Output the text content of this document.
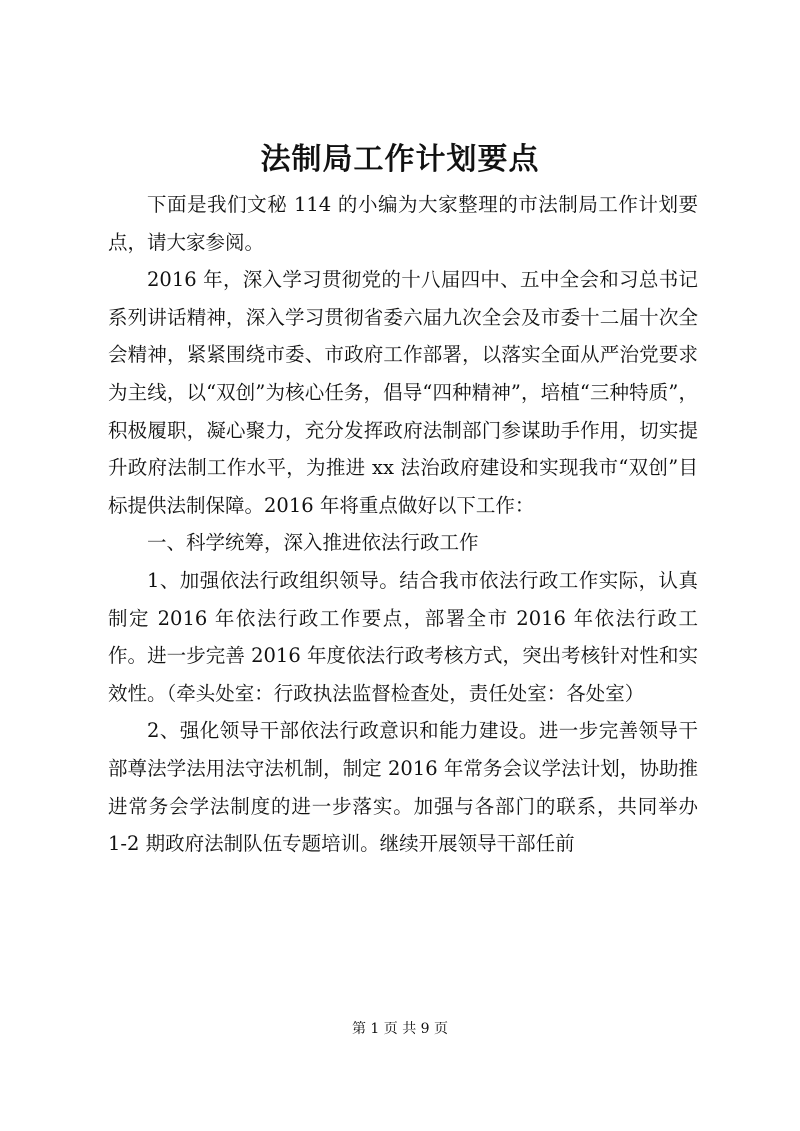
法制局工作计划要点

下面是我们文秘 114 的小编为大家整理的市法制局工作计划要点，请大家参阅。

2016 年，深入学习贯彻党的十八届四中、五中全会和习总书记系列讲话精神，深入学习贯彻省委六届九次全会及市委十二届十次全会精神，紧紧围绕市委、市政府工作部署，以落实全面从严治党要求为主线，以“双创”为核心任务，倡导“四种精神”，培植“三种特质”，积极履职，凝心聚力，充分发挥政府法制部门参谋助手作用，切实提升政府法制工作水平，为推进 xx 法治政府建设和实现我市“双创”目标提供法制保障。2016 年将重点做好以下工作：

一、科学统筹，深入推进依法行政工作

1、加强依法行政组织领导。结合我市依法行政工作实际，认真制定 2016 年依法行政工作要点，部署全市 2016 年依法行政工作。进一步完善 2016 年度依法行政考核方式，突出考核针对性和实效性。（牵头处室：行政执法监督检查处，责任处室：各处室）

2、强化领导干部依法行政意识和能力建设。进一步完善领导干部尊法学法用法守法机制，制定 2016 年常务会议学法计划，协助推进常务会学法制度的进一步落实。加强与各部门的联系，共同举办 1-2 期政府法制队伍专题培训。继续开展领导干部任前

第 1 页 共 9 页
